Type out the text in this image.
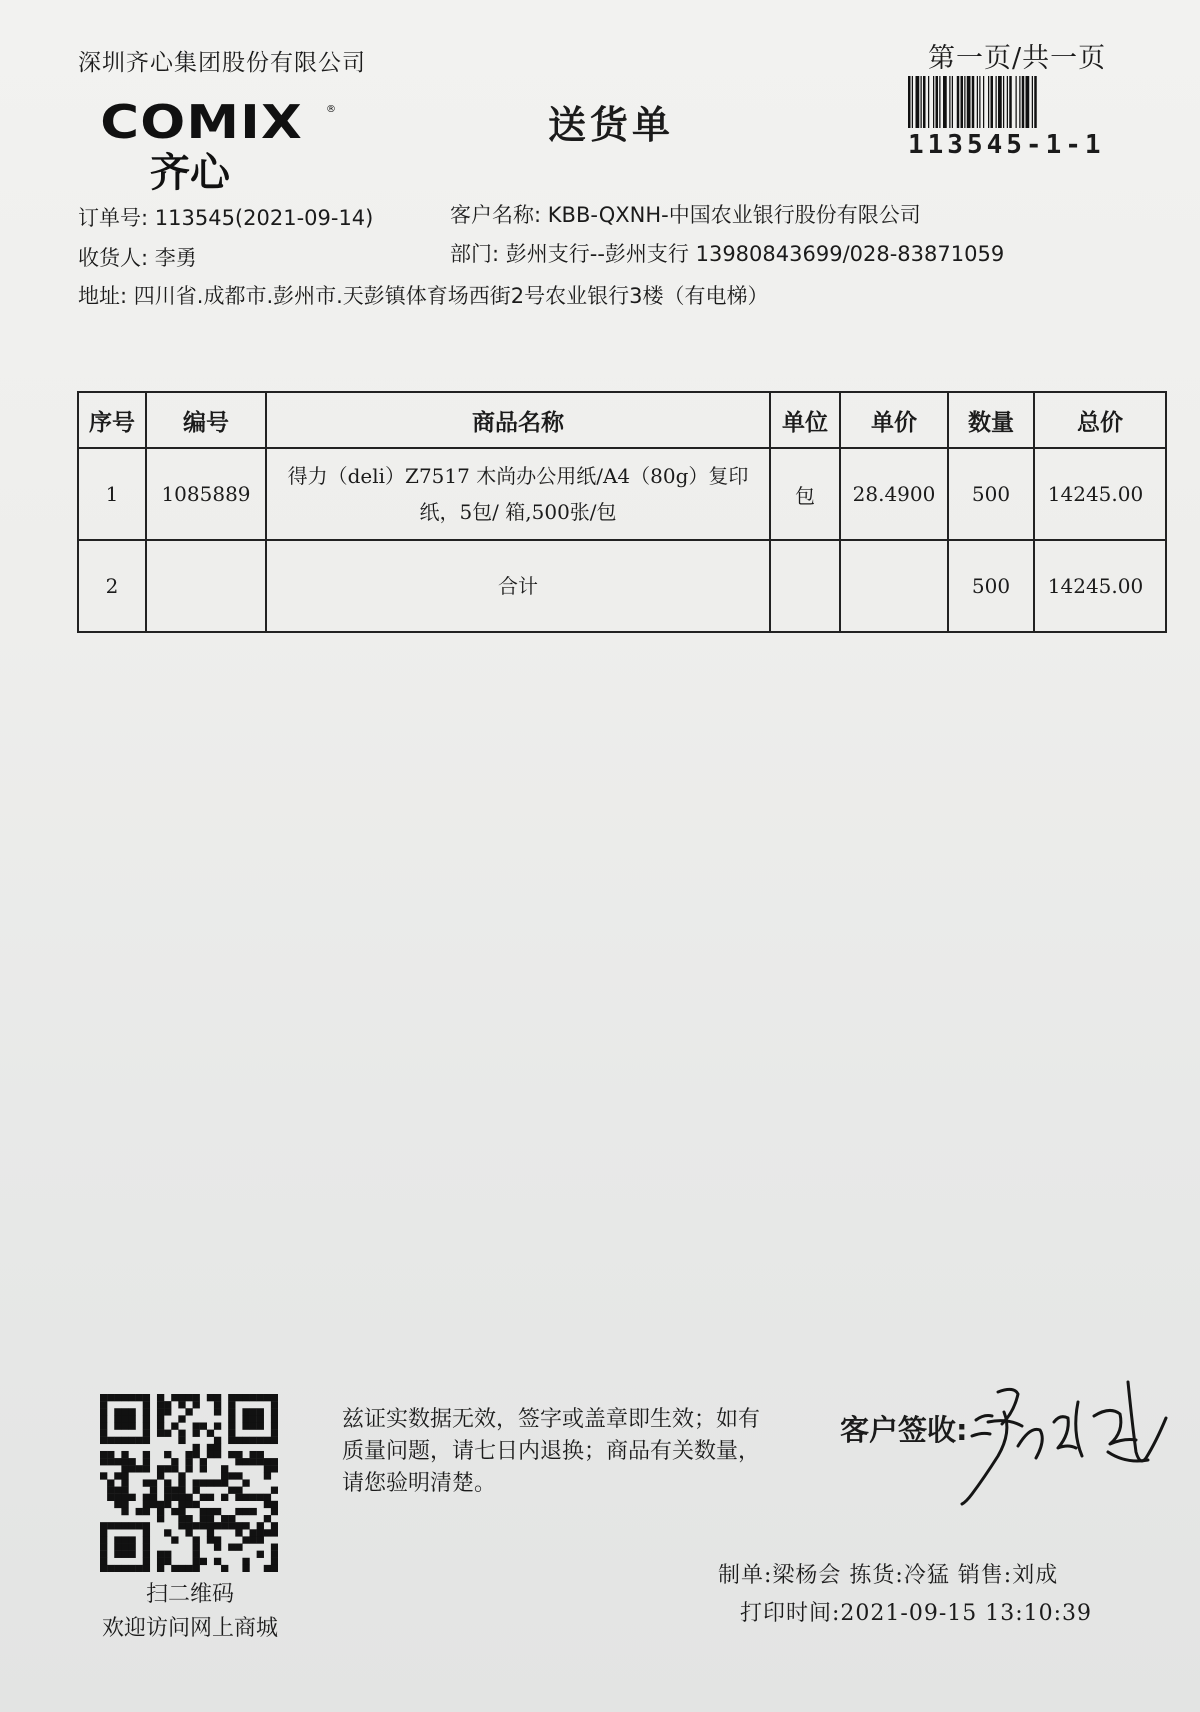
深圳齐心集团股份有限公司	第一页/共一页
113545-1-1
COMIX ®
齐心
送货单
订单号: 113545(2021-09-14)	客户名称: KBB-QXNH-中国农业银行股份有限公司
收货人: 李勇	部门: 彭州支行--彭州支行 13980843699/028-83871059
地址: 四川省.成都市.彭州市.天彭镇体育场西街2号农业银行3楼（有电梯）
序号	编号	商品名称	单位	单价	数量	总价
1	1085889	得力（deli）Z7517 木尚办公用纸/A4（80g）复印纸，5包/ 箱,500张/包	包	28.4900	500	14245.00
2		合计			500	14245.00
扫二维码
欢迎访问网上商城
兹证实数据无效，签字或盖章即生效；如有质量问题，请七日内退换；商品有关数量，请您验明清楚。
客户签收:
制单:梁杨会 拣货:冷猛 销售:刘成
打印时间:2021-09-15 13:10:39
